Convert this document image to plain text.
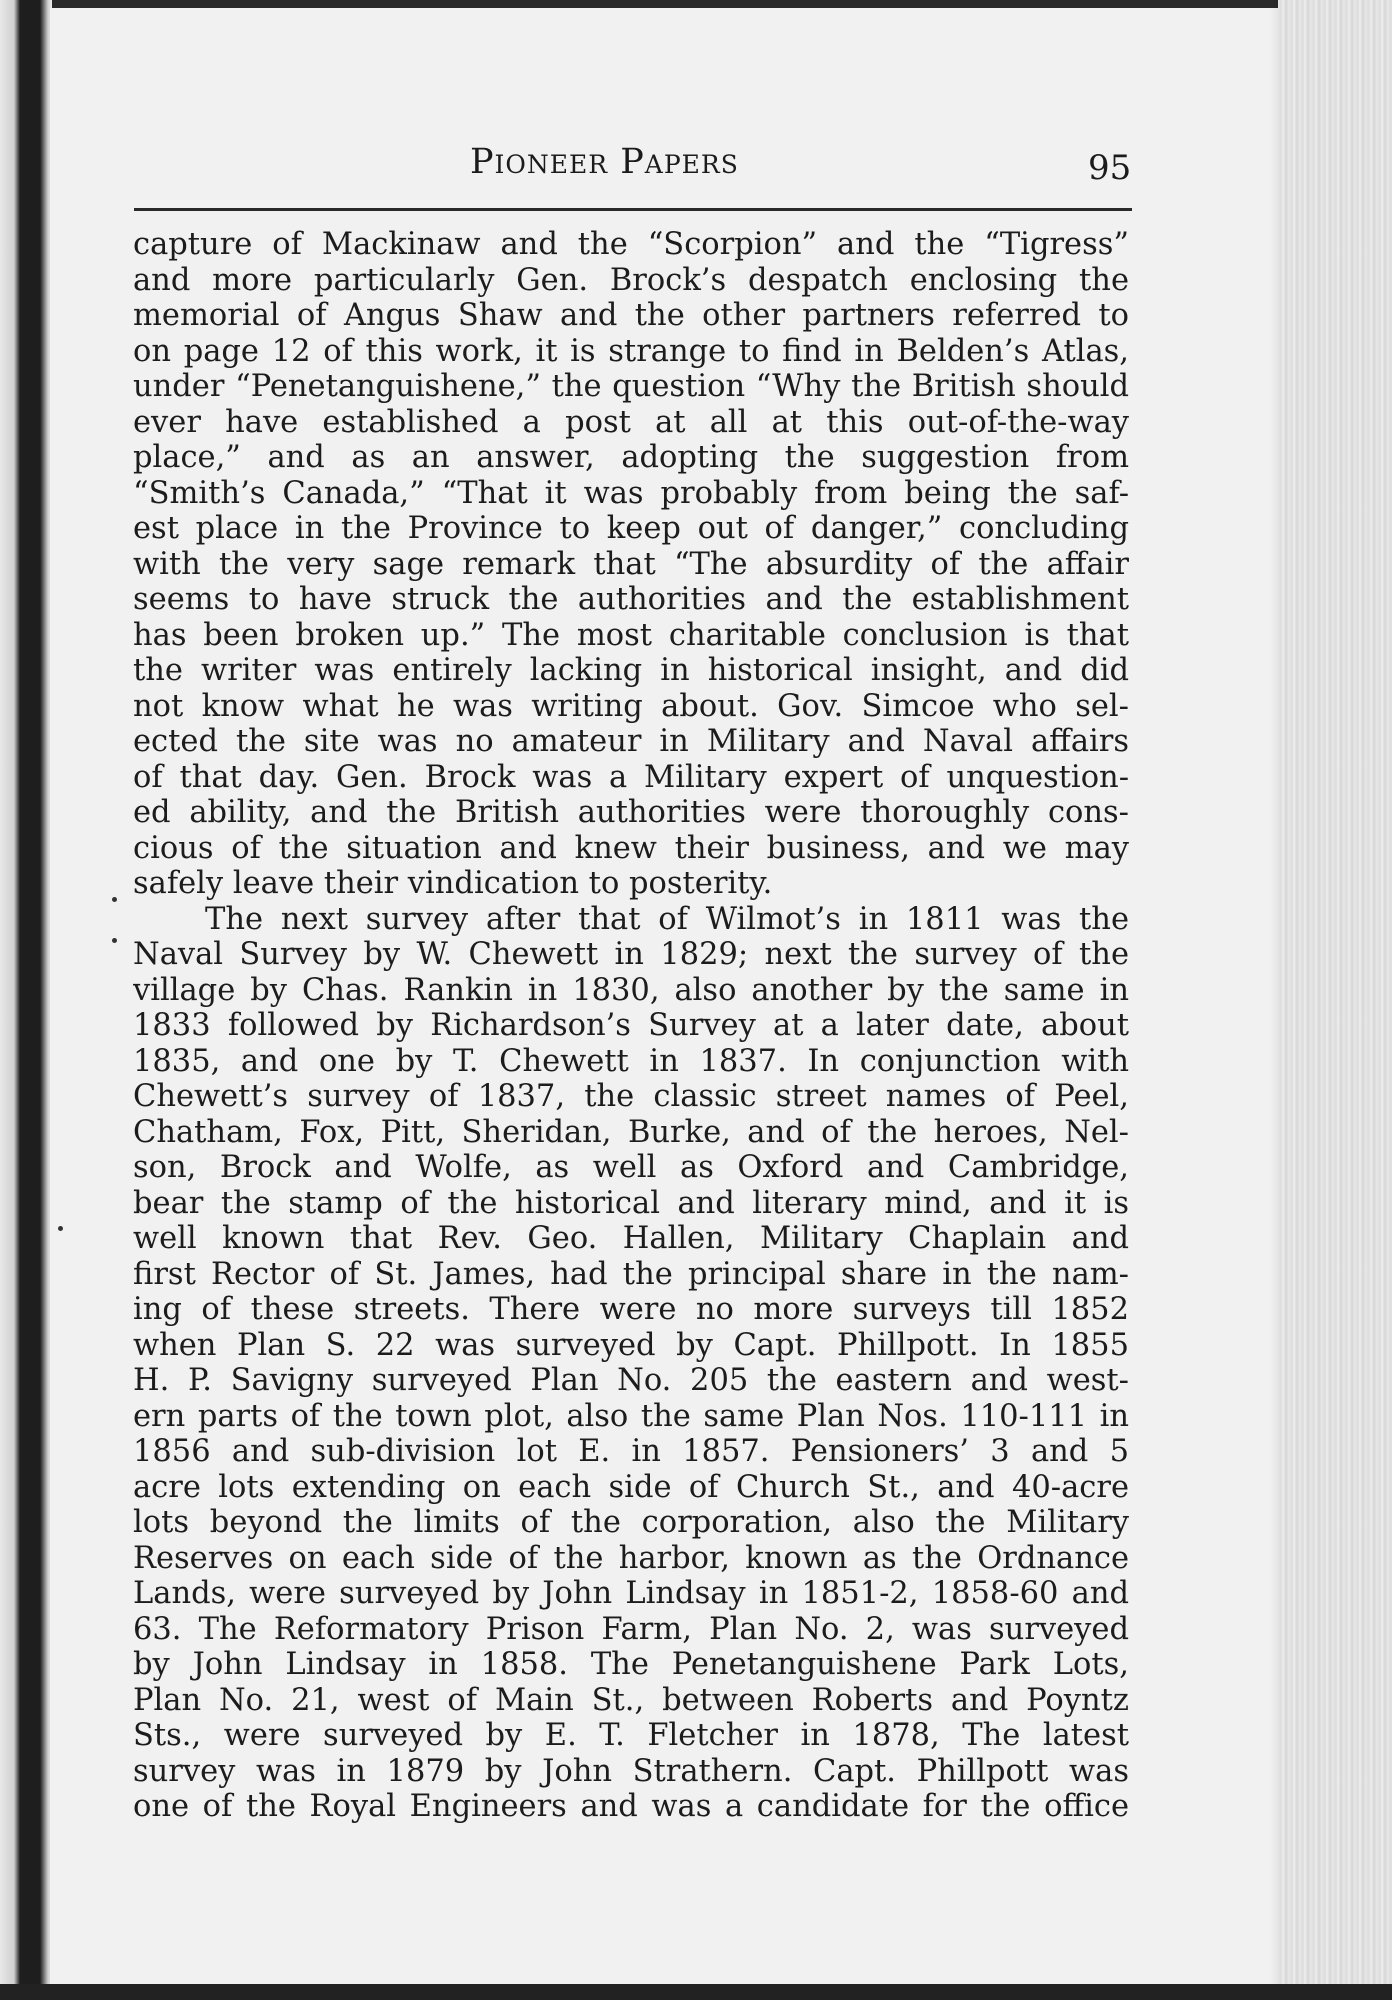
Pioneer Papers	95
capture of Mackinaw and the “Scorpion” and the “Tigress”
and more particularly Gen. Brock’s despatch enclosing the
memorial of Angus Shaw and the other partners referred to
on page 12 of this work, it is strange to find in Belden’s Atlas,
under “Penetanguishene,” the question “Why the British should
ever have established a post at all at this out-of-the-way
place,” and as an answer, adopting the suggestion from
“Smith’s Canada,” “That it was probably from being the saf-
est place in the Province to keep out of danger,” concluding
with the very sage remark that “The absurdity of the affair
seems to have struck the authorities and the establishment
has been broken up.” The most charitable conclusion is that
the writer was entirely lacking in historical insight, and did
not know what he was writing about. Gov. Simcoe who sel-
ected the site was no amateur in Military and Naval affairs
of that day. Gen. Brock was a Military expert of unquestion-
ed ability, and the British authorities were thoroughly cons-
cious of the situation and knew their business, and we may
safely leave their vindication to posterity.
The next survey after that of Wilmot’s in 1811 was the
Naval Survey by W. Chewett in 1829; next the survey of the
village by Chas. Rankin in 1830, also another by the same in
1833 followed by Richardson’s Survey at a later date, about
1835, and one by T. Chewett in 1837. In conjunction with
Chewett’s survey of 1837, the classic street names of Peel,
Chatham, Fox, Pitt, Sheridan, Burke, and of the heroes, Nel-
son, Brock and Wolfe, as well as Oxford and Cambridge,
bear the stamp of the historical and literary mind, and it is
well known that Rev. Geo. Hallen, Military Chaplain and
first Rector of St. James, had the principal share in the nam-
ing of these streets. There were no more surveys till 1852
when Plan S. 22 was surveyed by Capt. Phillpott. In 1855
H. P. Savigny surveyed Plan No. 205 the eastern and west-
ern parts of the town plot, also the same Plan Nos. 110-111 in
1856 and sub-division lot E. in 1857. Pensioners’ 3 and 5
acre lots extending on each side of Church St., and 40-acre
lots beyond the limits of the corporation, also the Military
Reserves on each side of the harbor, known as the Ordnance
Lands, were surveyed by John Lindsay in 1851-2, 1858-60 and
63. The Reformatory Prison Farm, Plan No. 2, was surveyed
by John Lindsay in 1858. The Penetanguishene Park Lots,
Plan No. 21, west of Main St., between Roberts and Poyntz
Sts., were surveyed by E. T. Fletcher in 1878, The latest
survey was in 1879 by John Strathern. Capt. Phillpott was
one of the Royal Engineers and was a candidate for the office
